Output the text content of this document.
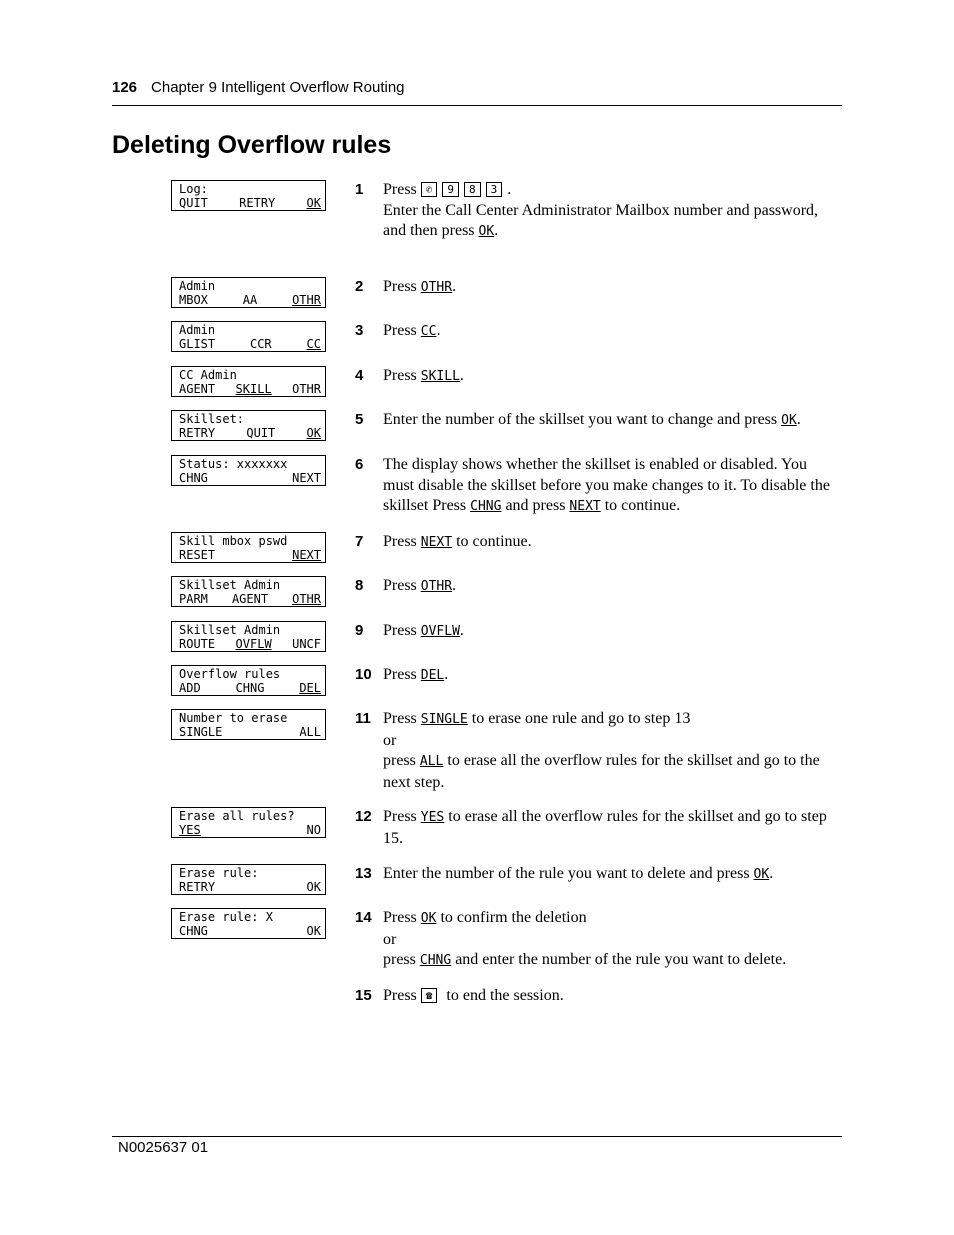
126 Chapter 9 Intelligent Overflow Routing
Deleting Overflow rules
Log:
QUIT	RETRY	OK
Admin
MBOX	AA	OTHR
Admin
GLIST	CCR	CC
CC Admin
AGENT SKILL OTHR
Skillset:
RETRY	QUIT	OK
Status: xxxxxxx
CHNG	NEXT
Skill mbox pswd
RESET	NEXT
Skillset Admin
PARM AGENT OTHR
Skillset Admin
ROUTE OVFLW UNCF
Overflow rules
ADD	CHNG	DEL
Number to erase
SINGLE	ALL
Erase all rules?
YES	NO
Erase rule:
RETRY	OK
Erase rule: X
CHNG	OK
1 Press ✆ 9 8 3 .

Enter the Call Center Administrator Mailbox number and password,

and then press OK.

2 Press OTHR.

3 Press CC.

4 Press SKILL.

5 Enter the number of the skillset you want to change and press OK.

6 The display shows whether the skillset is enabled or disabled. You must disable the skillset before you make changes to it. To disable the skillset Press CHNG and press NEXT to continue.

7 Press NEXT to continue.

8 Press OTHR.

9 Press OVFLW.

10 Press DEL.

11 Press SINGLE to erase one rule and go to step 13

or

press ALL to erase all the overflow rules for the skillset and go to the next step.

12 Press YES to erase all the overflow rules for the skillset and go to step 15.

13 Enter the number of the rule you want to delete and press OK.

14 Press OK to confirm the deletion

or

press CHNG and enter the number of the rule you want to delete.

15 Press ☎ to end the session.

N0025637 01
